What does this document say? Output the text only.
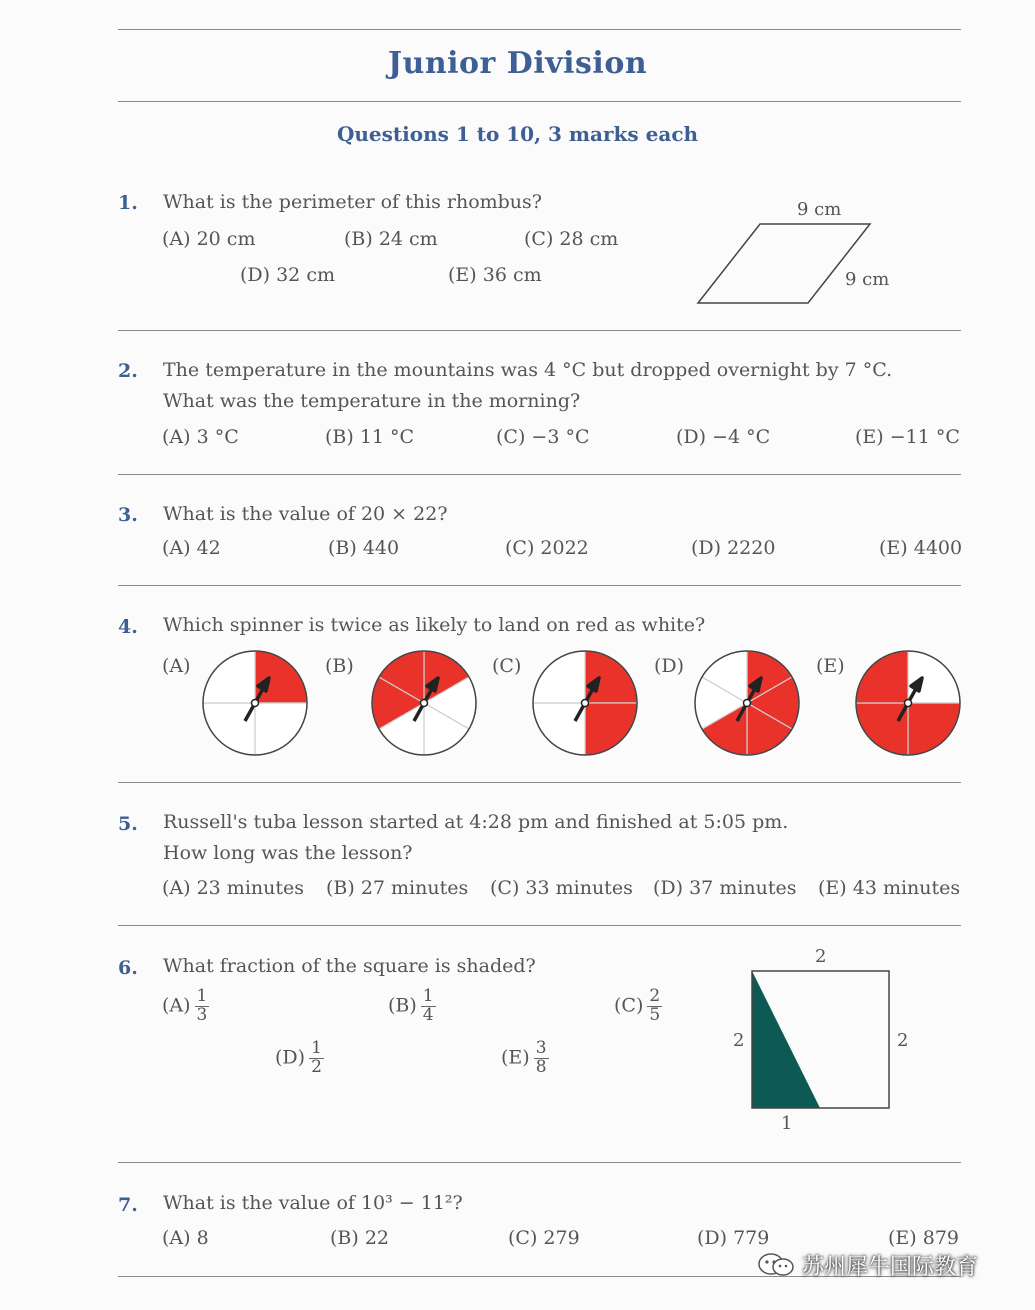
Junior Division
Questions 1 to 10, 3 marks each
1. What is the perimeter of this rhombus?
(A) 20 cm	(B) 24 cm	(C) 28 cm
(D) 32 cm	(E) 36 cm
9 cm
9 cm
2. The temperature in the mountains was 4 °C but dropped overnight by 7 °C.
What was the temperature in the morning?
(A) 3 °C	(B) 11 °C	(C) −3 °C	(D) −4 °C	(E) −11 °C
3. What is the value of 20 × 22?
(A) 42	(B) 440	(C) 2022	(D) 2220	(E) 4400
4. Which spinner is twice as likely to land on red as white?
(A)	(B)	(C)	(D)	(E)
5. Russell's tuba lesson started at 4:28 pm and finished at 5:05 pm.
How long was the lesson?
(A) 23 minutes (B) 27 minutes (C) 33 minutes (D) 37 minutes (E) 43 minutes
6. What fraction of the square is shaded?
$(A) \frac{1}{3}$	$(B) \frac{1}{4}$	$(C) \frac{2}{5}$
$(D) \frac{1}{2}$	$(E) \frac{3}{8}$
2
2	2
1
7. What is the value of 10³ − 11²?
(A) 8	(B) 22	(C) 279	(D) 779	(E) 879
苏州犀牛国际教育
